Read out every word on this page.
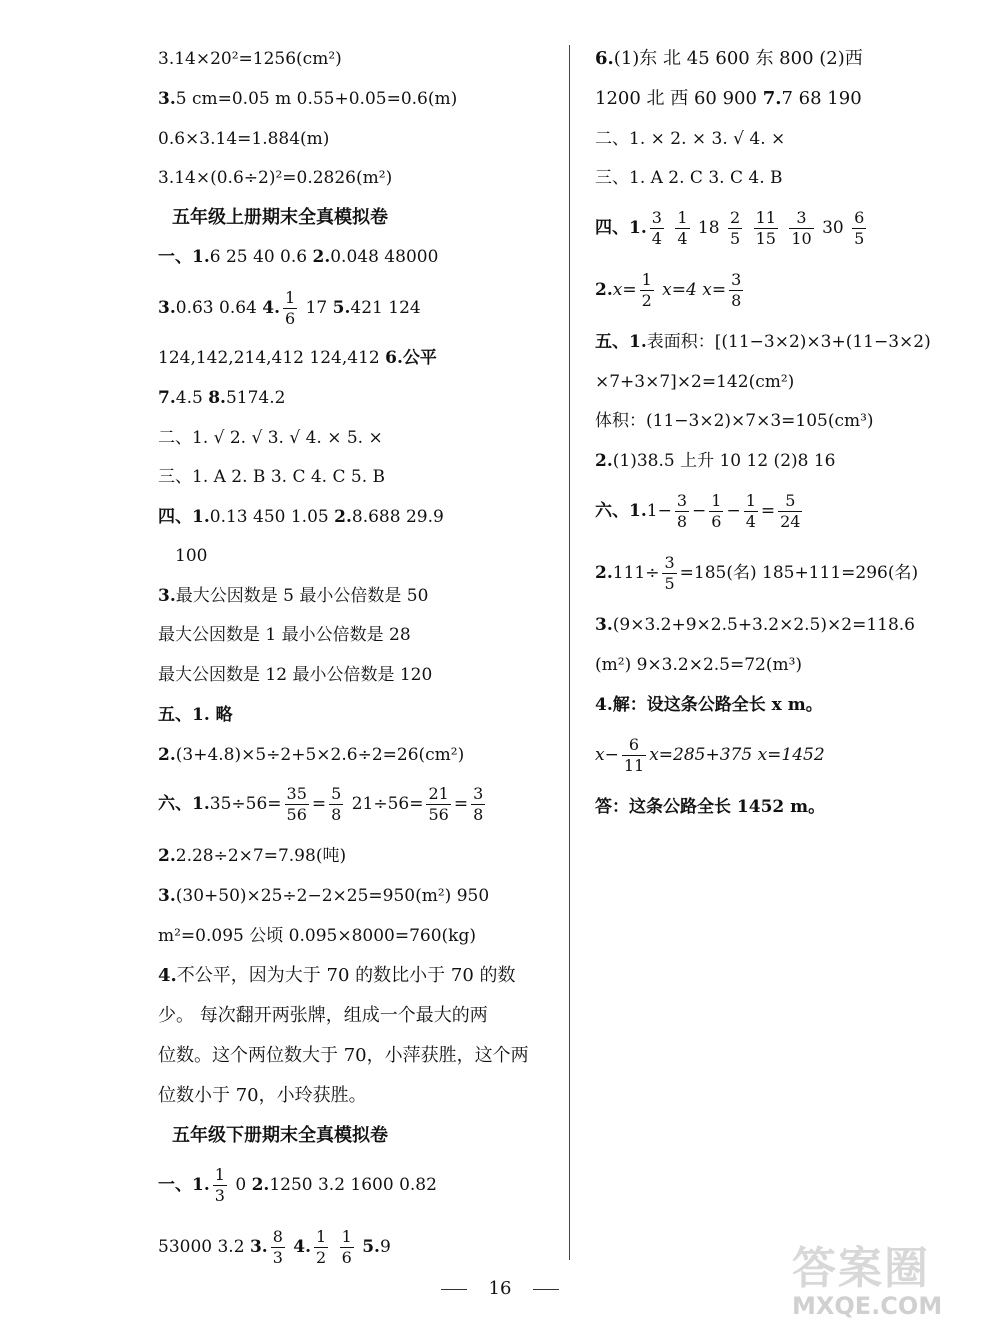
3.14×20²=1256(cm²)
3.5 cm=0.05 m 0.55+0.05=0.6(m)
0.6×3.14=1.884(m)
3.14×(0.6÷2)²=0.2826(m²)
五年级上册期末全真模拟卷
一、1.6 25 40 0.6 2.0.048 48000
3.0.6̇3̇ 0.64 4. $\frac{1}{6} 17$ 5.421 124
124,142,214,412 124,412 6.公平
7.4.5 8.5174.2
二、1. √ 2. √ 3. √ 4. × 5. ×
三、1. A 2. B 3. C 4. C 5. B
四、1.0.13 450 1.05 2.8.688 29.9
100
3.最大公因数是 5 最小公倍数是 50
最大公因数是 1 最小公倍数是 28
最大公因数是 12 最小公倍数是 120
五、1. 略
2.(3+4.8)×5÷2+5×2.6÷2=26(cm²)
六、$1.35\div 56= \frac{35}{56} = \frac{5}{8} 21\div 56= \frac{21}{56} = \frac{3}{8}$
2.2.28÷2×7=7.98(吨)
3.(30+50)×25÷2−2×25=950(m²) 950
m²=0.095 公顷 0.095×8000=760(kg)
4.不公平，因为大于 70 的数比小于 70 的数
少。 每次翻开两张牌，组成一个最大的两
位数。这个两位数大于 70，小萍获胜，这个两
位数小于 70，小玲获胜。
五年级下册期末全真模拟卷
一、1. $\frac{1}{3} 0$ 2.1250 3.2 1600 0.82
53000 3.2 3. $\frac{8}{3} 4$. $\frac{1}{2}$
$\frac{1}{6} 5.9$
6.(1)东 北 45 600 东 800 (2)西
1200 北 西 60 900 7.7 68 190
二、1. × 2. × 3. √ 4. ×
三、1. A 2. C 3. C 4. B
四、1. $\frac{3}{4}$
$\frac{1}{4} 18 \frac{2}{5}$
$\frac{11}{15}$
$\frac{3}{10} 30 \frac{6}{5}$
$2.x= \frac{1}{2} x=4$ $x= \frac{3}{8}$
五、1.表面积：[(11−3×2)×3+(11−3×2)
×7+3×7]×2=142(cm²)
体积：(11−3×2)×7×3=105(cm³)
2.(1)38.5 上升 10 12 (2)8 16
六、$1.1- \frac{3}{8} - \frac{1}{6} - \frac{1}{4} = \frac{5}{24}$
$2.111\div \frac{3}{5} =185$(名) 185+111=296(名)
3.(9×3.2+9×2.5+3.2×2.5)×2=118.6
(m²) 9×3.2×2.5=72(m³)
4.解：设这条公路全长 x m。
$x- \frac{6}{11} x=285+375$ x=1452
答：这条公路全长 1452 m。
16	答案圈
MXQE.COM
